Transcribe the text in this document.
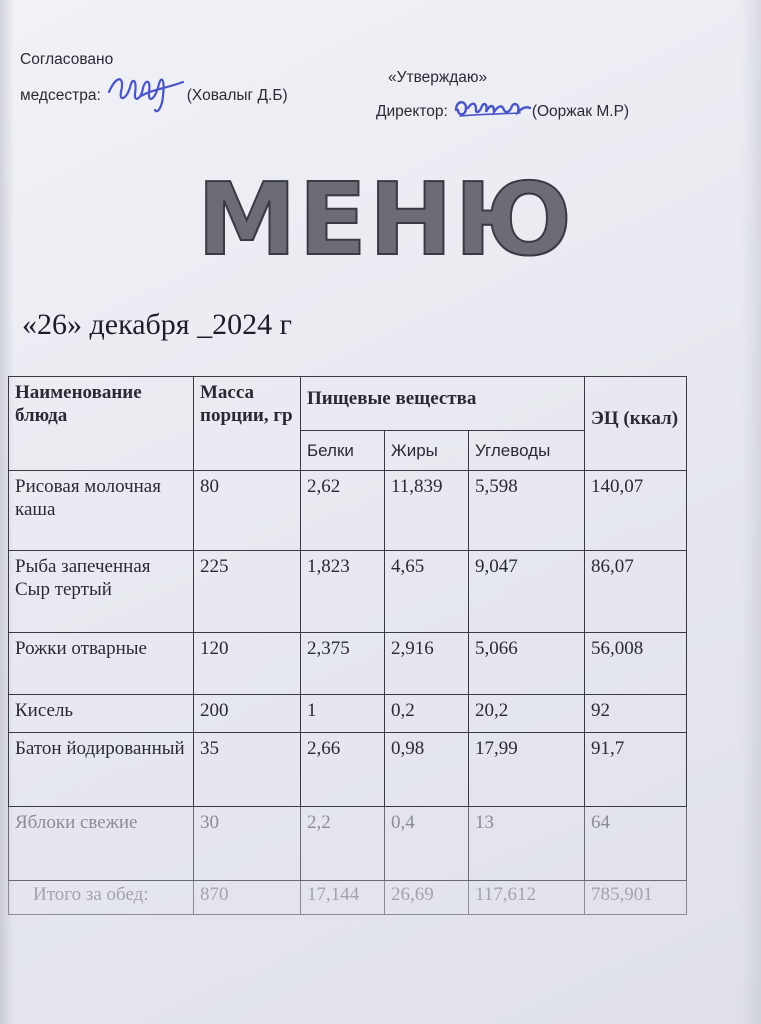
Согласовано
медсестра:	(Ховалыг Д.Б)
«Утверждаю»
Директор:	(Ооржак М.Р)
МЕНЮ
«26» декабря _2024 г
Наименование блюда	Масса порции, гр	Пищевые вещества			ЭЦ (ккал)
		Белки	Жиры	Углеводы	
Рисовая молочная каша	80	2,62	11,839	5,598	140,07
Рыба запеченная Сыр тертый	225	1,823	4,65	9,047	86,07
Рожки отварные	120	2,375	2,916	5,066	56,008
Кисель	200	1	0,2	20,2	92
Батон йодированный	35	2,66	0,98	17,99	91,7
Яблоки свежие	30	2,2	0,4	13	64
Итого за обед:	870	17,144	26,69	117,612	785,901
